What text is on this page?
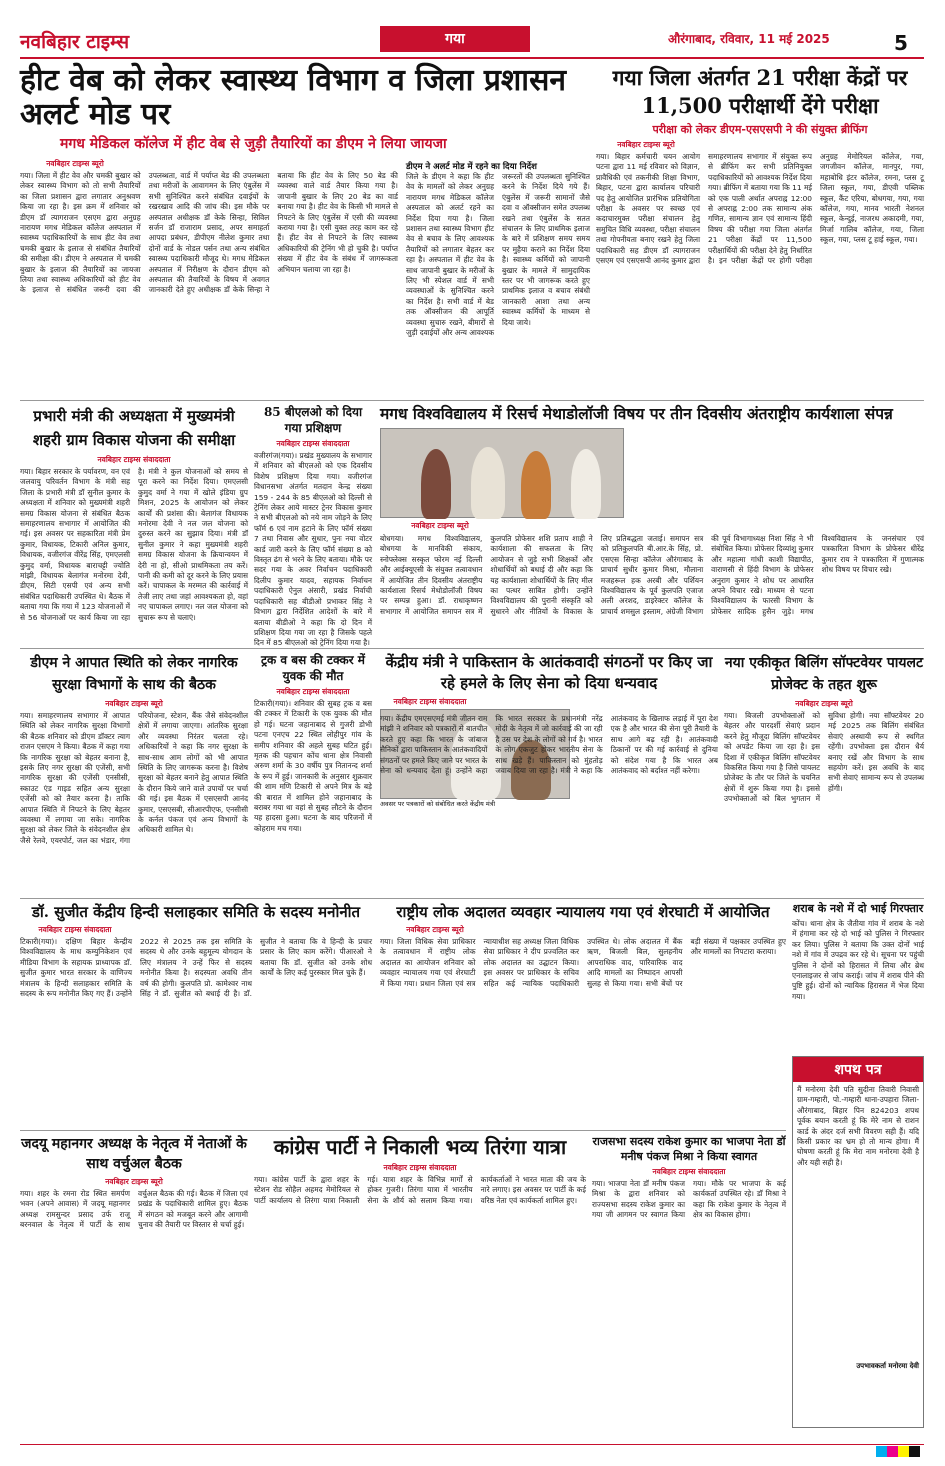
नवबिहार टाइम्स	गया	औरंगाबाद, रविवार, 11 मई 2025	5
हीट वेब को लेकर स्वास्थ्य विभाग व जिला प्रशासन अलर्ट मोड पर
मगध मेडिकल कॉलेज में हीट वेब से जुड़ी तैयारियों का डीएम ने लिया जायजा
नवबिहार टाइम्स ब्यूरो
गया। जिला में हीट वेव और चमकी बुखार को लेकर स्वास्थ्य विभाग को तो सभी तैयारियों का जिला प्रशासन द्वारा लगातार अनुश्रवण किया जा रहा है। इस क्रम में शनिवार को डीएम डॉ त्यागराजन एसएम द्वारा अनुग्रह नारायण मगध मेडिकल कॉलेज अस्पताल में स्वास्थ्य पदाधिकारियों के साथ हीट वेव तथा चमकी बुखार के इलाज से संबंधित तैयारियों की समीक्षा की। डीएम ने अस्पताल में चमकी बुखार के इलाज की तैयारियों का जायजा लिया तथा स्वास्थ्य अधिकारियों को हीट वेव के इलाज से संबंधित जरूरी दवा की उपलब्धता, वार्ड में पर्याप्त बेड की उपलब्धता तथा मरीजों के आवागमन के लिए एंबुलेंस में सभी सुनिश्चित करने संबंधित दवाईयों के रखरखाव आदि की जांच की। इस मौके पर अस्पताल अधीक्षक डॉ केके सिन्हा, सिविल सर्जन डॉ राजाराम प्रसाद, अपर समाहर्ता आपदा प्रबंधन, डीपीएम नीलेश कुमार तथा दोनों वार्ड के नोडल पर्सन तथा अन्य संबंधित स्वास्थ्य पदाधिकारी मौजूद थे। मगध मेडिकल अस्पताल में निरीक्षण के दौरान डीएम को अस्पताल की तैयारियों के विषय में अवगत जानकारी देते हुए अधीक्षक डॉ केके सिन्हा ने बताया कि हीट वेव के लिए 50 बेड की व्यवस्था वाले वार्ड तैयार किया गया है। जापानी बुखार के लिए 20 बेड का वार्ड बनाया गया है। हीट वेव के किसी भी मामले से निपटने के लिए एंबुलेंस में एसी की व्यवस्था कराया गया है। एसी युक्त तरह काम कर रहे हैं। हीट वेव से निपटने के लिए स्वास्थ्य अधिकारियों की ट्रेनिंग भी हो चुकी है। पर्याप्त संख्या में हीट वेव के संबंध में जागरूकता अभियान चलाया जा रहा है।
डीएम ने अलर्ट मोड में रहने का दिया निर्देश
जिले के डीएम ने कहा कि हीट वेव के मामलों को लेकर अनुग्रह नारायण मगध मेडिकल कॉलेज अस्पताल को अलर्ट रहने का निर्देश दिया गया है। जिला प्रशासन तथा स्वास्थ्य विभाग हीट वेव से बचाव के लिए आवश्यक तैयारियों को लगातार बेहतर कर रहा है। अस्पताल में हीट वेव के साथ जापानी बुखार के मरीजों के लिए भी स्पेशल वार्ड में सभी व्यवस्थाओं के सुनिश्चित करने का निर्देश है। सभी वार्ड में बेड तक ऑक्सीजन की आपूर्ति व्यवस्था सुचारु रखने, बीमारों से जुड़ी दवाईयों और अन्य आवश्यक जरूरतों की उपलब्धता सुनिश्चित करने के निर्देश दिये गये हैं। एंबुलेंस में जरूरी सामानों जैसे दवा व ऑक्सीजन समेत उपलब्ध रखने तथा एंबुलेंस के सतत संचालन के लिए प्राथमिक इलाज के बारे में प्रशिक्षण समय समय पर मुहैया कराने का निर्देश दिया है। स्वास्थ्य कर्मियों को जापानी बुखार के मामले में सामुदायिक स्तर पर भी जागरूक करते हुए प्राथमिक इलाज व बचाव संबंधी जानकारी आशा तथा अन्य स्वास्थ्य कर्मियों के माध्यम से दिया जाये।
गया जिला अंतर्गत 21 परीक्षा केंद्रों पर 11,500 परीक्षार्थी देंगे परीक्षा
परीक्षा को लेकर डीएम-एसएसपी ने की संयुक्त ब्रीफिंग
नवबिहार टाइम्स ब्यूरो
गया। बिहार कर्मचारी चयन आयोग पटना द्वारा 11 मई रविवार को विज्ञान, प्रावैधिकी एवं तकनीकी शिक्षा विभाग, बिहार, पटना द्वारा कार्यालय परिचारी पद हेतु आयोजित प्रारंभिक प्रतियोगिता परीक्षा के अवसर पर स्वच्छ एवं कदाचारमुक्त परीक्षा संचालन हेतु समुचित विधि व्यवस्था, परीक्षा संचालन तथा गोपनीयता बनाए रखने हेतु जिला पदाधिकारी सह डीएम डॉ त्यागराजन एसएम एवं एसएसपी आनंद कुमार द्वारा समाहरणालय सभागार में संयुक्त रूप से ब्रीफिंग कर सभी प्रतिनियुक्त पदाधिकारियों को आवश्यक निर्देश दिया गया। ब्रीफिंग में बताया गया कि 11 मई को एक पाली अर्थात अपराह्न 12:00 से अपराह्न 2:00 तक सामान्य अंक गणित, सामान्य ज्ञान एवं सामान्य हिंदी विषय की परीक्षा गया जिला अंतर्गत 21 परीक्षा केंद्रों पर 11,500 परीक्षार्थियों की परीक्षा देने हेतु निर्धारित है। इन परीक्षा केंद्रों पर होगी परीक्षा अनुग्रह मेमोरियल कॉलेज, गया, जगजीवन कॉलेज, मानपुर, गया, महाबोधि इंटर कॉलेज, रमना, प्लस टू जिला स्कूल, गया, डीएवी पब्लिक स्कूल, कैंट एरिया, बोधगया, गया, गया कॉलेज, गया, मानव भारती नेशनल स्कूल, केन्दुई, नाजरथ अकादमी, गया, मिर्जा गालिब कॉलेज, गया, जिला स्कूल, गया, प्लस टू हाई स्कूल, गया।
प्रभारी मंत्री की अध्यक्षता में मुख्यमंत्री शहरी ग्राम विकास योजना की समीक्षा
नवबिहार टाइम्स संवाददाता
गया। बिहार सरकार के पर्यावरण, वन एवं जलवायु परिवर्तन विभाग के मंत्री सह जिला के प्रभारी मंत्री डॉ सुनील कुमार के अध्यक्षता में शनिवार को मुख्यमंत्री शहरी समग्र विकास योजना से संबंधित बैठक समाहरणालय सभागार में आयोजित की गई। इस अवसर पर सहकारिता मंत्री प्रेम कुमार, विधायक, टिकारी अनिल कुमार, विधायक, वजीरगंज वीरेंद्र सिंह, एमएलसी कुमुद वर्मा, विधायक बाराचट्टी ज्योति मांझी, विधायक बेलागंज मनोरमा देवी, डीएम, सिटी एसपी एवं अन्य सभी संबंधित पदाधिकारी उपस्थित थे। बैठक में बताया गया कि गया में 123 योजनाओं में से 56 योजनाओं पर कार्य किया जा रहा है। मंत्री ने कुल योजनाओं को समय से पूरा करने का निर्देश दिया। एमएलसी कुमुद वर्मा ने गया में खोले इंडिया ग्रुप मिशन, 2025 के आयोजन को लेकर कार्यों की प्रशंसा की। बेलागंज विधायक मनोरमा देवी ने नल जल योजना को दुरुस्त करने का सुझाव दिया। मंत्री डॉ सुनील कुमार ने कहा मुख्यमंत्री शहरी समग्र विकास योजना के क्रियान्वयन में देरी ना हो, सीओ प्राथमिकता तय करें। पानी की कमी को दूर करने के लिए प्रयास करें। चापाकल के मरम्मत की कार्रवाई में तेजी लाए तथा जहां आवश्यकता हो, वहां नए चापाकल लगाए। नल जल योजना को सुचारू रूप से चलाएं।
85 बीएलओ को दिया गया प्रशिक्षण
नवबिहार टाइम्स संवाददाता
वजीरगंज(गया)। प्रखंड मुख्यालय के सभागार में शनिवार को बीएलओ को एक दिवसीय विशेष प्रशिक्षण दिया गया। वजीरगंज विधानसभा अंतर्गत मतदान केन्द्र संख्या 159 - 244 के 85 बीएलओ को दिल्ली से ट्रेनिंग लेकर आये मास्टर ट्रेनर विकास कुमार ने सभी बीएलओ को नये नाम जोड़ने के लिए फॉर्म 6 एवं नाम हटाने के लिए फॉर्म संख्या 7 तथा निवास और सुधार, पुनः नया वोटर कार्ड जारी करने के लिए फॉर्म संख्या 8 को विस्तृत ढंग से भरने के लिए बताया। मौके पर सदर गया के अवर निर्वाचन पदाधिकारी दिलीप कुमार यादव, सहायक निर्वाचन पदाधिकारी ऐनुल अंसारी, प्रखंड निर्वाची पदाधिकारी सह बीडीओ प्रभाकर सिंह ने विभाग द्वारा निर्देशित आदेशों के बारे में बताया बीडीओ ने कहा कि दो दिन में प्रशिक्षण दिया गया जा रहा है जिसके पहले दिन में 85 बीएलओ को ट्रेनिंग दिया गया है।
मगध विश्वविद्यालय में रिसर्च मेथाडोलॉजी विषय पर तीन दिवसीय अंतराष्ट्रीय कार्यशाला संपन्न
नवबिहार टाइम्स ब्यूरो
बोधगया। मगध विश्वविद्यालय, बोधगया के मानविकी संकाय, स्नोफ्लेक्स सस्कृत फोरम नई दिल्ली और आईक्यूएसी के संयुक्त तत्वावधान में आयोजित तीन दिवसीय अंतराष्ट्रीय कार्यशाला रिसर्च मेथोडोलॉजी विषय पर सम्पन्न हुआ। डॉ. राधाकृष्णन सभागार में आयोजित समापन सत्र में कुलपति प्रोफेसर शशि प्रताप शाही ने कार्यशाला की सफलता के लिए आयोजन से जुड़े सभी शिक्षकों और शोधार्थियों को बधाई दी और कहा कि यह कार्यशाला शोधार्थियों के लिए मील का पत्थर साबित होगी। उन्होंने विश्वविद्यालय की पुरानी संस्कृति को सुधारने और नीतियों के विकास के लिए प्रतिबद्धता जताई। समापन सत्र को प्रतिकुलपति बी.आर.के सिंह, प्रो. एसएस सिन्हा कॉलेज औरंगाबाद के प्राचार्य सुधीर कुमार मिश्रा, मौलाना मजहरूल हक अरबी और पर्शियन विश्वविद्यालय के पूर्व कुलपति एजाज अली अरशद, डाइरेक्टर कॉलेज के प्राचार्य शमसुल इस्लाम, अंग्रेजी विभाग की पूर्व विभागाध्यक्ष निशा सिंह ने भी संबोधित किया। प्रोफेसर दिव्यांशु कुमार और महात्मा गांधी काशी विद्यापीठ, वाराणसी से हिंदी विभाग के प्रोफेसर अनुराग कुमार ने शोध पर आधारित अपने विचार रखे। माध्यम से पटना विश्वविद्यालय के फारसी विभाग के प्रोफेसर सादिक हुसैन जुड़े। मगध विश्वविद्यालय के जनसंचार एवं पत्रकारिता विभाग के प्रोफेसर धीरेंद्र कुमार राय ने पत्रकारिता में गुणात्मक शोध विषय पर विचार रखे।
डीएम ने आपात स्थिति को लेकर नागरिक सुरक्षा विभागों के साथ की बैठक
नवबिहार टाइम्स ब्यूरो
गया। समाहरणालय सभागार में आपात स्थिति को लेकर नागरिक सुरक्षा विभागों की बैठक शनिवार को डीएम डॉक्टर त्याग राजन एसएम ने किया। बैठक में कहा गया कि नागरिक सुरक्षा को बेहतर बनाना है, इसके लिए नगर सुरक्षा की एजेंसी, सभी नागरिक सुरक्षा की एजेंसी एनसीसी, स्काउट एंड गाइड सहित अन्य सुरक्षा एजेंसी को को तैयार करना है। ताकि आपात स्थिति में निपटने के लिए बेहतर व्यवस्था में लगाया जा सके। नागरिक सुरक्षा को लेकर जिले के संवेदनशील क्षेत्र जैसे रेलवे, एयरपोर्ट, जल का भंडार, गंगा परियोजना, स्टेशन, बैंक जैसे संवेदनशील क्षेत्रों में लगाया जाएगा। आंतरिक सुरक्षा और व्यवस्था निरंतर चलता रहे। अधिकारियों ने कहा कि नगर सुरक्षा के साथ-साथ आम लोगों को भी आपात स्थिति के लिए जागरूक करना है। विशेष सुरक्षा को बेहतर बनाने हेतु आपात स्थिति के दौरान किये जाने वाले उपायों पर चर्चा की गई। इस बैठक में एसएसपी आनंद कुमार, एसएसबी, सीआरपीएफ, एनसीसी के कर्नल पंकज एवं अन्य विभागों के अधिकारी शामिल थे।
ट्रक व बस की टक्कर में युवक की मौत
नवबिहार टाइम्स संवाददाता
टिकारी(गया)। शनिवार की सुबह ट्रक व बस की टक्कर में टिकारी के एक युवक की मौत हो गई। घटना जहानाबाद से गुजरी डोभी पटना एनएच 22 स्थित लोहीपुर गांव के समीप शनिवार की अहले सुबह घटित हुई। मृतक की पहचान कोंच थाना क्षेत्र निवासी अरुण शर्मा के 30 वर्षीय पुत्र नितानन्द शर्मा के रूप में हुई। जानकारी के अनुसार शुक्रवार की शाम मणि टिकारी से अपने मित्र के बड़े की बारात में शामिल होने जहानाबाद के बराबर गया था वहां से सुबह लौटने के दौरान यह हादसा हुआ। घटना के बाद परिजनों में कोहराम मच गया।
केंद्रीय मंत्री ने पाकिस्तान के आतंकवादी संगठनों पर किए जा रहे हमले के लिए सेना को दिया धन्यवाद
नवबिहार टाइम्स संवाददाता
अवसर पर पत्रकारों को संबोधित करते केंद्रीय मंत्री
गया। केंद्रीय एमएसएमई मंत्री जीतन राम मांझी ने शनिवार को पत्रकारों से बातचीत करते हुए कहा कि भारत के जांबाज सैनिकों द्वारा पाकिस्तान के आतंकवादियों संगठनों पर हमले किए जाने पर भारत के सेना को धन्यवाद देता हूं। उन्होंने कहा कि भारत सरकार के प्रधानमंत्री नरेंद्र मोदी के नेतृत्व में जो कार्रवाई की जा रही है उस पर देश के लोगों को गर्व है। भारत के लोग एकजुट होकर भारतीय सेना के साथ खड़े हैं। पाकिस्तान को मुंहतोड़ जवाब दिया जा रहा है। मंत्री ने कहा कि आतंकवाद के खिलाफ लड़ाई में पूरा देश एक है और भारत की सेना पूरी तैयारी के साथ आगे बढ़ रही है। आतंकवादी ठिकानों पर की गई कार्रवाई से दुनिया को संदेश गया है कि भारत अब आतंकवाद को बर्दाश्त नहीं करेगा।
नया एकीकृत बिलिंग सॉफ्टवेयर पायलट प्रोजेक्ट के तहत शुरू
नवबिहार टाइम्स ब्यूरो
गया। बिजली उपभोक्ताओं को बेहतर और पारदर्शी सेवाएं प्रदान करने हेतु मौजूदा बिलिंग सॉफ्टवेयर को अपडेट किया जा रहा है। इस दिशा में एकीकृत बिलिंग सॉफ्टवेयर विकसित किया गया है जिसे पायलट प्रोजेक्ट के तौर पर जिले के चयनित क्षेत्रों में शुरू किया गया है। इससे उपभोक्ताओं को बिल भुगतान में सुविधा होगी। नया सॉफ्टवेयर 20 मई 2025 तक बिलिंग संबंधित सेवाएं अस्थायी रूप से स्थगित रहेंगी। उपभोक्ता इस दौरान धैर्य बनाए रखें और विभाग के साथ सहयोग करें। इस अवधि के बाद सभी सेवाएं सामान्य रूप से उपलब्ध होंगी।
डॉ. सुजीत केंद्रीय हिन्दी सलाहकार समिति के सदस्य मनोनीत
नवबिहार टाइम्स संवाददाता
टिकारी(गया)। दक्षिण बिहार केन्द्रीय विश्वविद्यालय के माध कम्युनिकेशन एवं मीडिया विभाग के सहायक प्राध्यापक डॉ. सुजीत कुमार भारत सरकार के वाणिज्य मंत्रालय के हिन्दी सलाहकार समिति के सदस्य के रूप मनोनीत किए गए हैं। उन्होंने 2022 से 2025 तक इस समिति के सदस्य थे और उनके बहुमूल्य योगदान के लिए मंत्रालय ने उन्हें फिर से सदस्य मनोनीत किया है। सदस्यता अवधि तीन वर्ष की होगी। कुलपति प्रो. कामेश्वर नाथ सिंह ने डॉ. सुजीत को बधाई दी है। डॉ. सुजीत ने बताया कि वे हिन्दी के प्रचार प्रसार के लिए काम करेंगे। पीआरओ ने बताया कि डॉ. सुजीत को उनके शोध कार्यों के लिए कई पुरस्कार मिल चुके हैं।
राष्ट्रीय लोक अदालत व्यवहार न्यायालय गया एवं शेरघाटी में आयोजित
नवबिहार टाइम्स ब्यूरो
गया। जिला विधिक सेवा प्राधिकार के तत्वावधान में राष्ट्रीय लोक अदालत का आयोजन शनिवार को व्यवहार न्यायालय गया एवं शेरघाटी में किया गया। प्रधान जिला एवं सत्र न्यायाधीश सह अध्यक्ष जिला विधिक सेवा प्राधिकार ने दीप प्रज्वलित कर लोक अदालत का उद्घाटन किया। इस अवसर पर प्राधिकार के सचिव सहित कई न्यायिक पदाधिकारी उपस्थित थे। लोक अदालत में बैंक ऋण, बिजली बिल, सुलहनीय आपराधिक वाद, पारिवारिक वाद आदि मामलों का निष्पादन आपसी सुलह से किया गया। सभी बेंचों पर बड़ी संख्या में पक्षकार उपस्थित हुए और मामलों का निपटारा कराया।
शराब के नशे में दो भाई गिरफ्तार
कोंच। थाना क्षेत्र के जैतीया गांव में शराब के नशे में हंगामा कर रहे दो भाई को पुलिस ने गिरफ्तार कर लिया। पुलिस ने बताया कि उक्त दोनों भाई नशे में गांव में उपद्रव कर रहे थे। सूचना पर पहुंची पुलिस ने दोनों को हिरासत में लिया और ब्रेथ एनालाइजर से जांच कराई। जांच में शराब पीने की पुष्टि हुई। दोनों को न्यायिक हिरासत में भेज दिया गया।
शपथ पत्र
मैं मनोरमा देवी पति सुदीना तिवारी निवासी ग्राम-गम्हारी, पो.-गम्हारी थाना-उपहारा जिला-औरंगाबाद, बिहार पिन 824203 शपथ पूर्वक बयान करती हूं कि मेरे नाम से राशन कार्ड के अंदर दर्ज सभी विवरण सही हैं। यदि किसी प्रकार का भ्रम हो तो मान्य होगा। मैं घोषणा करती हूं कि मेरा नाम मनोरमा देवी है और यही सही है।
उपभावकर्ता मनोरमा देवी
जदयू महानगर अध्यक्ष के नेतृत्व में नेताओं के साथ वर्चुअल बैठक
नवबिहार टाइम्स ब्यूरो
गया। शहर के रमना रोड स्थित समर्पण भवन (अपने आवास) में जदयू महानगर अध्यक्ष रामसुन्दर प्रसाद उर्फ राजू बरनवाल के नेतृत्व में पार्टी के साथ वर्चुअल बैठक की गई। बैठक में जिला एवं प्रखंड के पदाधिकारी शामिल हुए। बैठक में संगठन को मजबूत करने और आगामी चुनाव की तैयारी पर विस्तार से चर्चा हुई।
कांग्रेस पार्टी ने निकाली भव्य तिरंगा यात्रा
नवबिहार टाइम्स संवाददाता
गया। कांग्रेस पार्टी के द्वारा शहर के स्टेशन रोड सोहैल अहमद मेमोरियल से पार्टी कार्यालय से तिरंगा यात्रा निकाली गई। यात्रा शहर के विभिन्न मार्गों से होकर गुजरी। तिरंगा यात्रा में भारतीय सेना के शौर्य को सलाम किया गया। कार्यकर्ताओं ने भारत माता की जय के नारे लगाए। इस अवसर पर पार्टी के कई वरिष्ठ नेता एवं कार्यकर्ता शामिल हुए।
राजसभा सदस्य राकेश कुमार का भाजपा नेता डॉ मनीष पंकज मिश्रा ने किया स्वागत
नवबिहार टाइम्स संवाददाता
गया। भाजपा नेता डॉ मनीष पंकज मिश्रा के द्वारा शनिवार को राज्यसभा सदस्य राकेश कुमार का गया जी आगमन पर स्वागत किया गया। मौके पर भाजपा के कई कार्यकर्ता उपस्थित रहे। डॉ मिश्रा ने कहा कि राकेश कुमार के नेतृत्व में क्षेत्र का विकास होगा।
